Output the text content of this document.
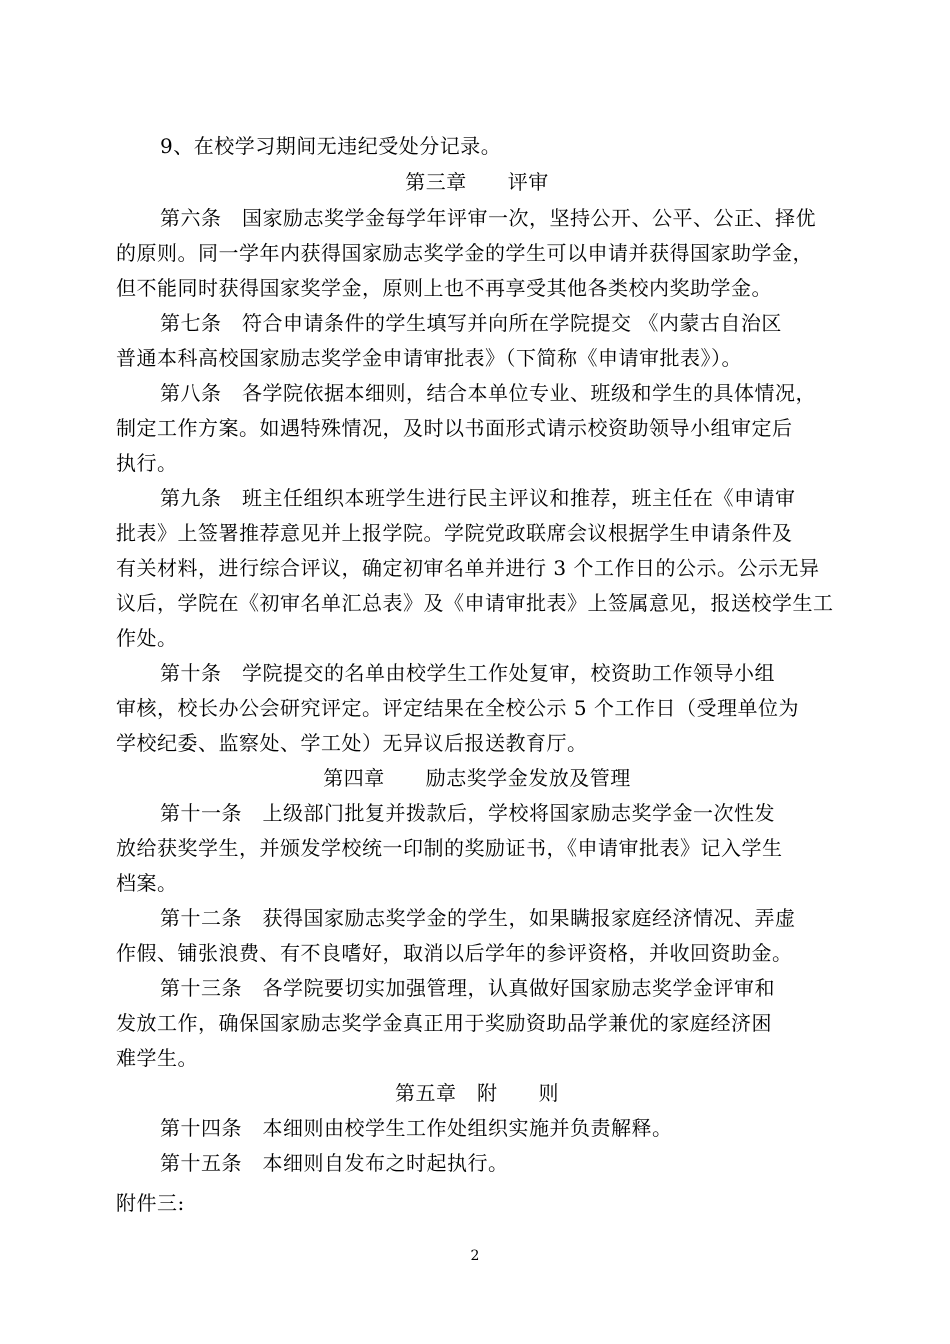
9、在校学习期间无违纪受处分记录。
第三章　　评审
第六条　国家励志奖学金每学年评审一次，坚持公开、公平、公正、择优
的原则。同一学年内获得国家励志奖学金的学生可以申请并获得国家助学金，
但不能同时获得国家奖学金，原则上也不再享受其他各类校内奖助学金。
第七条　符合申请条件的学生填写并向所在学院提交 《内蒙古自治区
普通本科高校国家励志奖学金申请审批表》（下简称《申请审批表》）。
第八条　各学院依据本细则，结合本单位专业、班级和学生的具体情况，
制定工作方案。如遇特殊情况，及时以书面形式请示校资助领导小组审定后
执行。
第九条　班主任组织本班学生进行民主评议和推荐，班主任在《申请审
批表》上签署推荐意见并上报学院。学院党政联席会议根据学生申请条件及
有关材料，进行综合评议，确定初审名单并进行 3 个工作日的公示。公示无异
议后，学院在《初审名单汇总表》及《申请审批表》上签属意见，报送校学生工
作处。
第十条　学院提交的名单由校学生工作处复审，校资助工作领导小组
审核，校长办公会研究评定。评定结果在全校公示 5 个工作日（受理单位为
学校纪委、监察处、学工处）无异议后报送教育厅。
第四章　　励志奖学金发放及管理
第十一条　上级部门批复并拨款后，学校将国家励志奖学金一次性发
放给获奖学生，并颁发学校统一印制的奖励证书，《申请审批表》记入学生
档案。
第十二条　获得国家励志奖学金的学生，如果瞒报家庭经济情况、弄虚
作假、铺张浪费、有不良嗜好，取消以后学年的参评资格，并收回资助金。
第十三条　各学院要切实加强管理，认真做好国家励志奖学金评审和
发放工作，确保国家励志奖学金真正用于奖励资助品学兼优的家庭经济困
难学生。
第五章　附　　则
第十四条　本细则由校学生工作处组织实施并负责解释。
第十五条　本细则自发布之时起执行。
附件三:
2
